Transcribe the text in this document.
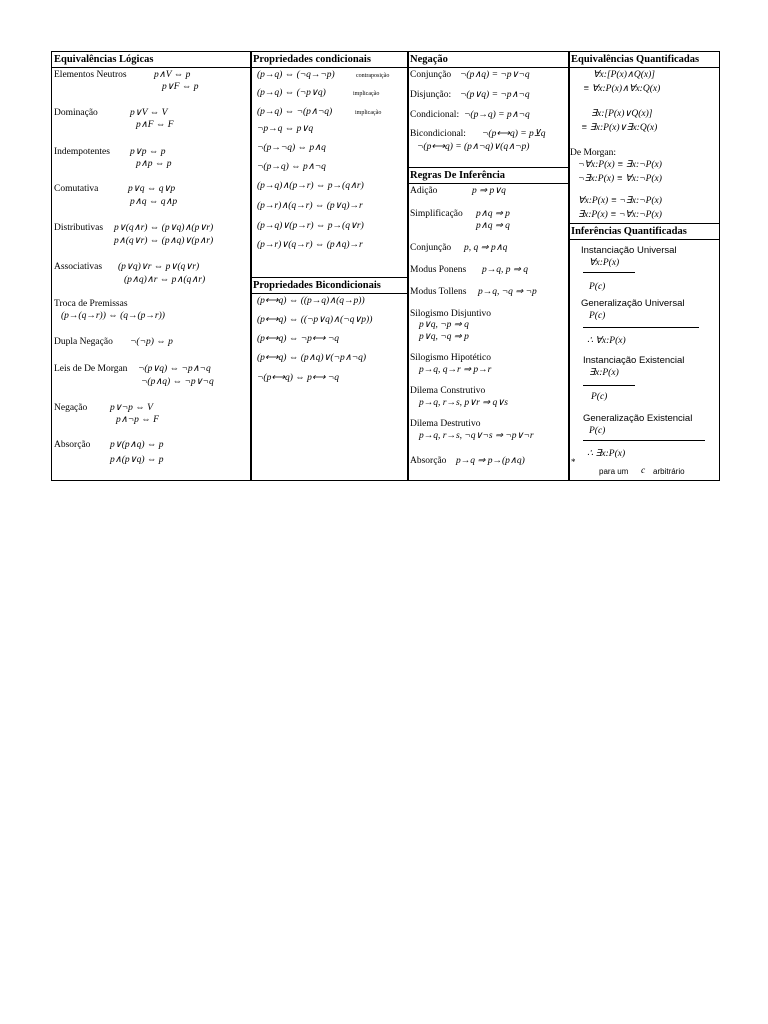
Equivalências Lógicas
Elementos Neutros	p∧V ⇔ p
p∨F ⇔ p
Dominação	p∨V ⇔ V
p∧F ⇔ F
Indempotentes p∨p ⇔ p
p∧p ⇔ p
Comutativa	p∨q ⇔ q∨p
p∧q ⇔ q∧p
Distributivas p∨(q∧r) ⇔ (p∨q)∧(p∨r)
p∧(q∨r) ⇔ (p∧q)∨(p∧r)
Associativas (p∨q)∨r ⇔ p∨(q∨r)
(p∧q)∧r ⇔ p∧(q∧r)
Troca de Premissas
(p→(q→r)) ⇔ (q→(p→r))
Dupla Negação ¬(¬p) ⇔ p
Leis de De Morgan ¬(p∨q) ⇔ ¬p∧¬q
¬(p∧q) ⇔ ¬p∨¬q
Negação p∨¬p ⇔ V
p∧¬p ⇔ F
Absorção p∨(p∧q) ⇔ p
p∧(p∨q) ⇔ p
Propriedades condicionais
(p→q) ⇔ (¬q→¬p)	contraposição
(p→q) ⇔ (¬p∨q)	implicação
(p→q) ⇔ ¬(p∧¬q)	implicação
¬p→q ⇔ p∨q
¬(p→¬q) ⇔ p∧q
¬(p→q) ⇔ p∧¬q
(p→q)∧(p→r) ⇔ p→(q∧r)
(p→r)∧(q→r) ⇔ (p∨q)→r
(p→q)∨(p→r) ⇔ p→(q∨r)
(p→r)∨(q→r) ⇔ (p∧q)→r
Propriedades Bicondicionais
(p⟷q) ⇔ ((p→q)∧(q→p))
(p⟷q) ⇔ ((¬p∨q)∧(¬q∨p))
(p⟷q) ⇔ ¬p⟷ ¬q
(p⟷q) ⇔ (p∧q)∨(¬p∧¬q)
¬(p⟷q) ⇔ p⟷ ¬q
Negação
Conjunção ¬(p∧q) = ¬p∨¬q
Disjunção: ¬(p∨q) = ¬p∧¬q
Condicional: ¬(p→q) = p∧¬q
Bicondicional: ¬(p⟷q) = p⊻q
¬(p⟷q) = (p∧¬q)∨(q∧¬p)
Regras De Inferência
Adição	p ⇒ p∨q
Simplificação p∧q ⇒ p
p∧q ⇒ q
Conjunção p, q ⇒ p∧q
Modus Ponens p→q, p ⇒ q
Modus Tollens p→q, ¬q ⇒ ¬p
Silogismo Disjuntivo
p∨q, ¬p ⇒ q
p∨q, ¬q ⇒ p
Silogismo Hipotético
p→q, q→r ⇒ p→r
Dilema Construtivo
p→q, r→s, p∨r ⇒ q∨s
Dilema Destrutivo
p→q, r→s, ¬q∨¬s ⇒ ¬p∨¬r
Absorção p→q ⇒ p→(p∧q)
Equivalências Quantificadas
∀x:[P(x)∧Q(x)]
≡ ∀x:P(x)∧∀x:Q(x)
∃x:[P(x)∨Q(x)]
≡ ∃x:P(x)∨∃x:Q(x)
De Morgan:
¬∀x:P(x) ≡ ∃x:¬P(x)
¬∃x:P(x) ≡ ∀x:¬P(x)
∀x:P(x) ≡ ¬∃x:¬P(x)
∃x:P(x) ≡ ¬∀x:¬P(x)
Inferências Quantificadas
Instanciação Universal
∀x:P(x)
P(c)
Generalização Universal
P(c)
∴ ∀x:P(x)
Instanciação Existencial
∃x:P(x)
P(c)
Generalização Existencial
P(c)
∴ ∃x:P(x)
*
para um c arbitrário
